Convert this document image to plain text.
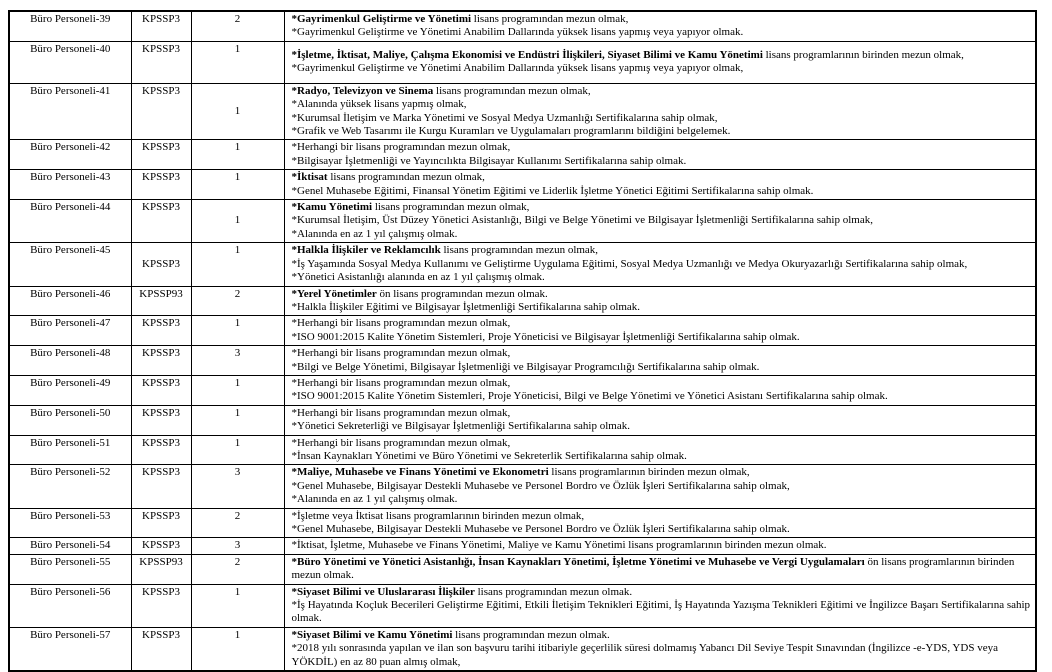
Büro Personeli-39	KPSSP3	2	*Gayrimenkul Geliştirme ve Yönetimi lisans programından mezun olmak,
*Gayrimenkul Geliştirme ve Yönetimi Anabilim Dallarında yüksek lisans yapmış veya yapıyor olmak.

Büro Personeli-40	KPSSP3	1	*İşletme, İktisat, Maliye, Çalışma Ekonomisi ve Endüstri İlişkileri, Siyaset Bilimi ve Kamu Yönetimi lisans programlarının birinden mezun olmak,
*Gayrimenkul Geliştirme ve Yönetimi Anabilim Dallarında yüksek lisans yapmış veya yapıyor olmak,

Büro Personeli-41	KPSSP3	1	*Radyo, Televizyon ve Sinema lisans programından mezun olmak,
*Alanında yüksek lisans yapmış olmak,
*Kurumsal İletişim ve Marka Yönetimi ve Sosyal Medya Uzmanlığı Sertifikalarına sahip olmak,
*Grafik ve Web Tasarımı ile Kurgu Kuramları ve Uygulamaları programlarını bildiğini belgelemek.

Büro Personeli-42	KPSSP3	1	*Herhangi bir lisans programından mezun olmak,
*Bilgisayar İşletmenliği ve Yayıncılıkta Bilgisayar Kullanımı Sertifikalarına sahip olmak.

Büro Personeli-43	KPSSP3	1	*İktisat lisans programından mezun olmak,
*Genel Muhasebe Eğitimi, Finansal Yönetim Eğitimi ve Liderlik İşletme Yönetici Eğitimi Sertifikalarına sahip olmak.

Büro Personeli-44	KPSSP3	1	*Kamu Yönetimi lisans programından mezun olmak,
*Kurumsal İletişim, Üst Düzey Yönetici Asistanlığı, Bilgi ve Belge Yönetimi ve Bilgisayar İşletmenliği Sertifikalarına sahip olmak,
*Alanında en az 1 yıl çalışmış olmak.

Büro Personeli-45	KPSSP3	1	*Halkla İlişkiler ve Reklamcılık lisans programından mezun olmak,
*İş Yaşamında Sosyal Medya Kullanımı ve Geliştirme Uygulama Eğitimi, Sosyal Medya Uzmanlığı ve Medya Okuryazarlığı Sertifikalarına sahip olmak,
*Yönetici Asistanlığı alanında en az 1 yıl çalışmış olmak.

Büro Personeli-46	KPSSP93	2	*Yerel Yönetimler ön lisans programından mezun olmak.
*Halkla İlişkiler Eğitimi ve Bilgisayar İşletmenliği Sertifikalarına sahip olmak.

Büro Personeli-47	KPSSP3	1	*Herhangi bir lisans programından mezun olmak,
*ISO 9001:2015 Kalite Yönetim Sistemleri, Proje Yöneticisi ve Bilgisayar İşletmenliği Sertifikalarına sahip olmak.

Büro Personeli-48	KPSSP3	3	*Herhangi bir lisans programından mezun olmak,
*Bilgi ve Belge Yönetimi, Bilgisayar İşletmenliği ve Bilgisayar Programcılığı Sertifikalarına sahip olmak.

Büro Personeli-49	KPSSP3	1	*Herhangi bir lisans programından mezun olmak,
*ISO 9001:2015 Kalite Yönetim Sistemleri, Proje Yöneticisi, Bilgi ve Belge Yönetimi ve Yönetici Asistanı Sertifikalarına sahip olmak.

Büro Personeli-50	KPSSP3	1	*Herhangi bir lisans programından mezun olmak,
*Yönetici Sekreterliği ve Bilgisayar İşletmenliği Sertifikalarına sahip olmak.

Büro Personeli-51	KPSSP3	1	*Herhangi bir lisans programından mezun olmak,
*İnsan Kaynakları Yönetimi ve Büro Yönetimi ve Sekreterlik Sertifikalarına sahip olmak.

Büro Personeli-52	KPSSP3	3	*Maliye, Muhasebe ve Finans Yönetimi ve Ekonometri lisans programlarının birinden mezun olmak,
*Genel Muhasebe, Bilgisayar Destekli Muhasebe ve Personel Bordro ve Özlük İşleri Sertifikalarına sahip olmak,
*Alanında en az 1 yıl çalışmış olmak.

Büro Personeli-53	KPSSP3	2	*İşletme veya İktisat lisans programlarının birinden mezun olmak,
*Genel Muhasebe, Bilgisayar Destekli Muhasebe ve Personel Bordro ve Özlük İşleri Sertifikalarına sahip olmak.

Büro Personeli-54	KPSSP3	3	*İktisat, İşletme, Muhasebe ve Finans Yönetimi, Maliye ve Kamu Yönetimi lisans programlarının birinden mezun olmak.

Büro Personeli-55	KPSSP93	2	*Büro Yönetimi ve Yönetici Asistanlığı, İnsan Kaynakları Yönetimi, İşletme Yönetimi ve Muhasebe ve Vergi Uygulamaları ön lisans programlarının birinden mezun olmak.

Büro Personeli-56	KPSSP3	1	*Siyaset Bilimi ve Uluslararası İlişkiler lisans programından mezun olmak.
*İş Hayatında Koçluk Becerileri Geliştirme Eğitimi, Etkili İletişim Teknikleri Eğitimi, İş Hayatında Yazışma Teknikleri Eğitimi ve İngilizce Başarı Sertifikalarına sahip olmak.

Büro Personeli-57	KPSSP3	1	*Siyaset Bilimi ve Kamu Yönetimi lisans programından mezun olmak.
*2018 yılı sonrasında yapılan ve ilan son başvuru tarihi itibariyle geçerlilik süresi dolmamış Yabancı Dil Seviye Tespit Sınavından (İngilizce -e-YDS, YDS veya YÖKDİL) en az 80 puan almış olmak,
